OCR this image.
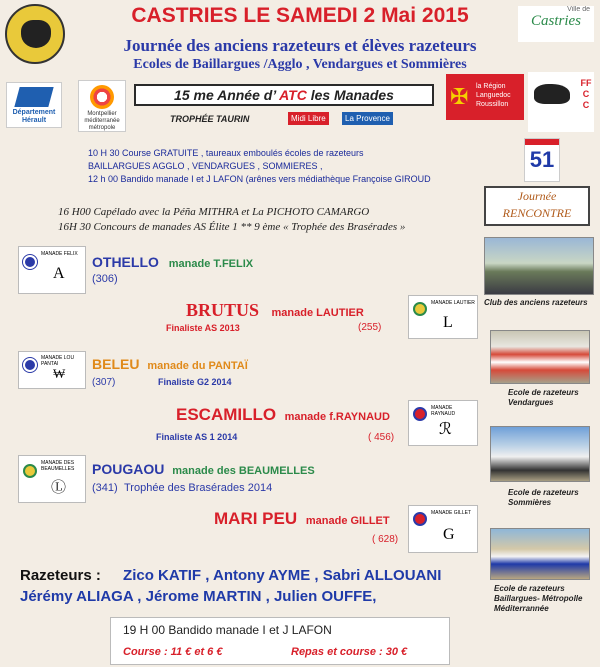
Ville de
Castries
CASTRIES LE SAMEDI 2 Mai 2015
Journée des anciens razeteurs et élèves razeteurs
Ecoles de Baillargues /Agglo , Vendargues et Sommières
Département Hérault
Montpellier méditerranée métropole
15 me Année d’ ATC les Manades	✠ la Région Languedoc Roussillon
FFCC
TROPHÉE TAURIN	Midi Libre	La Provence
51
10 H 30 Course GRATUITE , taureaux emboulés écoles de razeteurs
BAILLARGUES AGGLO , VENDARGUES , SOMMIERES ,
12 h 00 Bandido manade I et J LAFON (arênes vers médiathèque Françoise GIROUD
16 H00 Capélado avec la Péña MITHRA et La PICHOTO CAMARGO
16H 30 Concours de manades AS Élite 1 ** 9 ème « Trophée des Brasérades »
Journée
RENCONTRE
MANADE FELIX
A
OTHELLO manade T.FELIX
(306)
BRUTUS manade LAUTIER
Finaliste AS 2013	(255)
MANADE LAUTIER
L
MANADE LOU PANTAI
₩
BELEU manade du PANTAÏ
(307)	Finaliste G2 2014
ESCAMILLO manade f.RAYNAUD
Finaliste AS 1 2014	( 456)
MANADE RAYNAUD
ℛ
MANADE DES BEAUMELLES
Ⓛ
POUGAOU manade des BEAUMELLES
(341) Trophée des Brasérades 2014
MARI PEU manade GILLET
( 628)
MANADE GILLET
G
Club des anciens razeteurs
Ecole de razeteurs Vendargues
Ecole de razeteurs Sommières
Ecole de razeteurs Baillargues- Métropolle Méditerrannée
Razeteurs : Zico KATIF , Antony AYME , Sabri ALLOUANI
Jérémy ALIAGA , Jérome MARTIN , Julien OUFFE,
19 H 00 Bandido manade I et J LAFON
Course : 11 € et 6 €	Repas et course : 30 €
